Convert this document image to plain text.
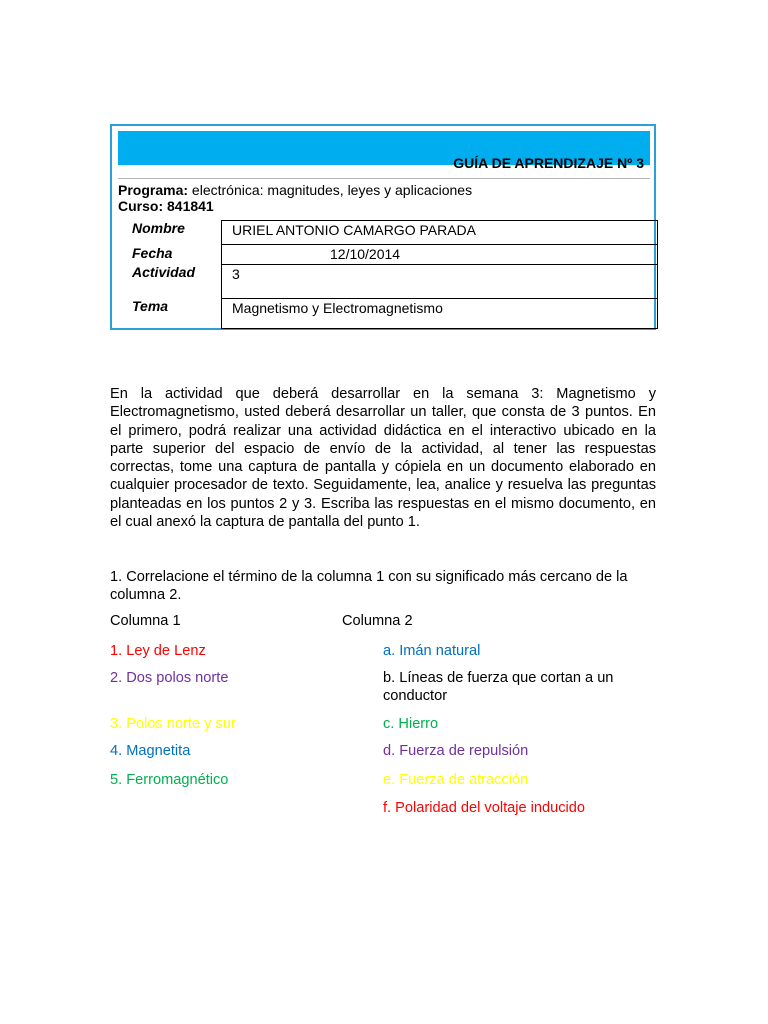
GUÍA DE APRENDIZAJE Nº 3
Programa: electrónica: magnitudes, leyes y aplicaciones
Curso: 841841
Nombre
Fecha
Actividad
Tema
URIEL ANTONIO CAMARGO PARADA
12/10/2014
3
Magnetismo y Electromagnetismo
En la actividad que deberá desarrollar en la semana 3: Magnetismo y Electromagnetismo, usted deberá desarrollar un taller, que consta de 3 puntos. En el primero, podrá realizar una actividad didáctica en el interactivo ubicado en la parte superior del espacio de envío de la actividad, al tener las respuestas correctas, tome una captura de pantalla y cópiela en un documento elaborado en cualquier procesador de texto. Seguidamente, lea, analice y resuelva las preguntas planteadas en los puntos 2 y 3. Escriba las respuestas en el mismo documento, en el cual anexó la captura de pantalla del punto 1.
1. Correlacione el término de la columna 1 con su significado más cercano de la columna 2.
Columna 1	Columna 2
1. Ley de Lenz
2. Dos polos norte
3. Polos norte y sur
4. Magnetita
5. Ferromagnético
a. Imán natural
b. Líneas de fuerza que cortan a un conductor
c. Hierro
d. Fuerza de repulsión
e. Fuerza de atracción
f. Polaridad del voltaje inducido
